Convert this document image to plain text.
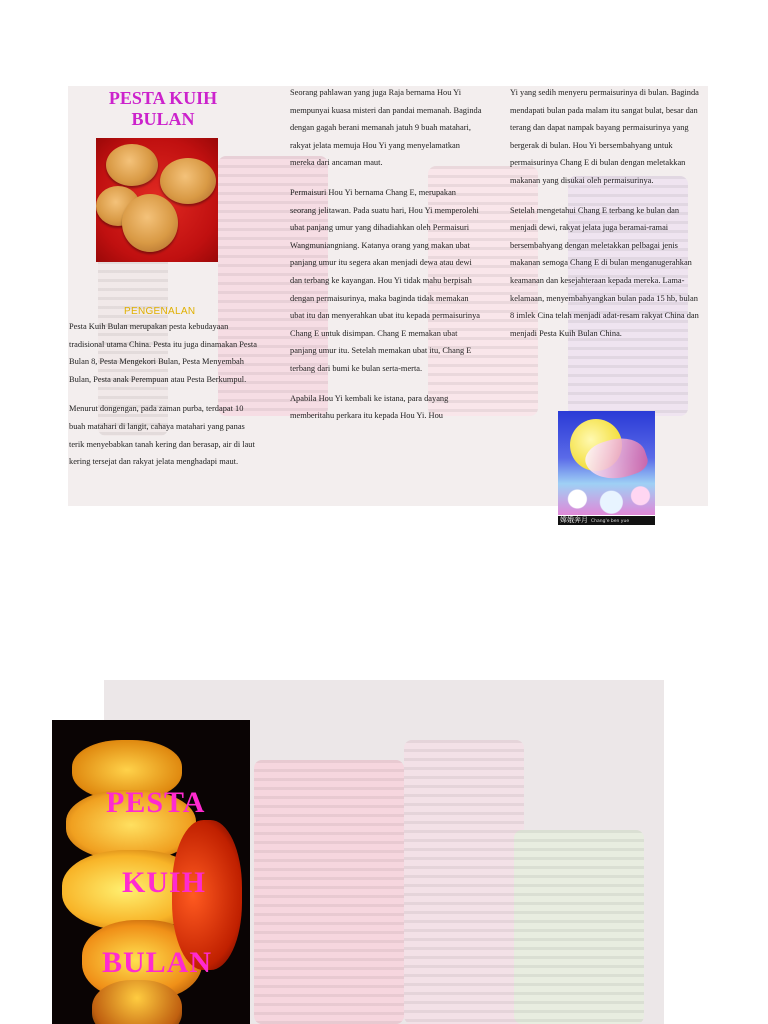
PESTA KUIH
BULAN
PENGENALAN

Pesta Kuih Bulan merupakan pesta kebudayaan tradisional utama China. Pesta itu juga dinamakan Pesta Bulan 8, Pesta Mengekori Bulan, Pesta Menyembah Bulan, Pesta anak Perempuan atau Pesta Berkumpul.

Menurut dongengan, pada zaman purba, terdapat 10 buah matahari di langit, cahaya matahari yang panas terik menyebabkan tanah kering dan berasap, air di laut kering tersejat dan rakyat jelata menghadapi maut.

Seorang pahlawan yang juga Raja bernama Hou Yi mempunyai kuasa misteri dan pandai memanah. Baginda dengan gagah berani memanah jatuh 9 buah matahari, rakyat jelata memuja Hou Yi yang menyelamatkan mereka dari ancaman maut.

Permaisuri Hou Yi bernama Chang E, merupakan seorang jelitawan. Pada suatu hari, Hou Yi memperolehi ubat panjang umur yang dihadiahkan oleh Permaisuri Wangmuniangniang. Katanya orang yang makan ubat panjang umur itu segera akan menjadi dewa atau dewi dan terbang ke kayangan. Hou Yi tidak mahu berpisah dengan permaisurinya, maka baginda tidak memakan ubat itu dan menyerahkan ubat itu kepada permaisurinya Chang E untuk disimpan. Chang E memakan ubat panjang umur itu. Setelah memakan ubat itu, Chang E terbang dari bumi ke bulan serta-merta.

Apabila Hou Yi kembali ke istana, para dayang memberitahu perkara itu kepada Hou Yi. Hou

Yi yang sedih menyeru permaisurinya di bulan. Baginda mendapati bulan pada malam itu sangat bulat, besar dan terang dan dapat nampak bayang permaisurinya yang bergerak di bulan. Hou Yi bersembahyang untuk permaisurinya Chang E di bulan dengan meletakkan makanan yang disukai oleh permaisurinya.

Setelah mengetahui Chang E terbang ke bulan dan menjadi dewi, rakyat jelata juga beramai-ramai bersembahyang dengan meletakkan pelbagai jenis makanan semoga Chang E di bulan menganugerahkan keamanan dan kesejahteraan kepada mereka. Lama-kelamaan, menyembahyangkan bulan pada 15 hb, bulan 8 imlek Cina telah menjadi adat-resam rakyat China dan menjadi Pesta Kuih Bulan China.

嫦娥奔月 Chang'e ben yue
PESTA
KUIH
BULAN
